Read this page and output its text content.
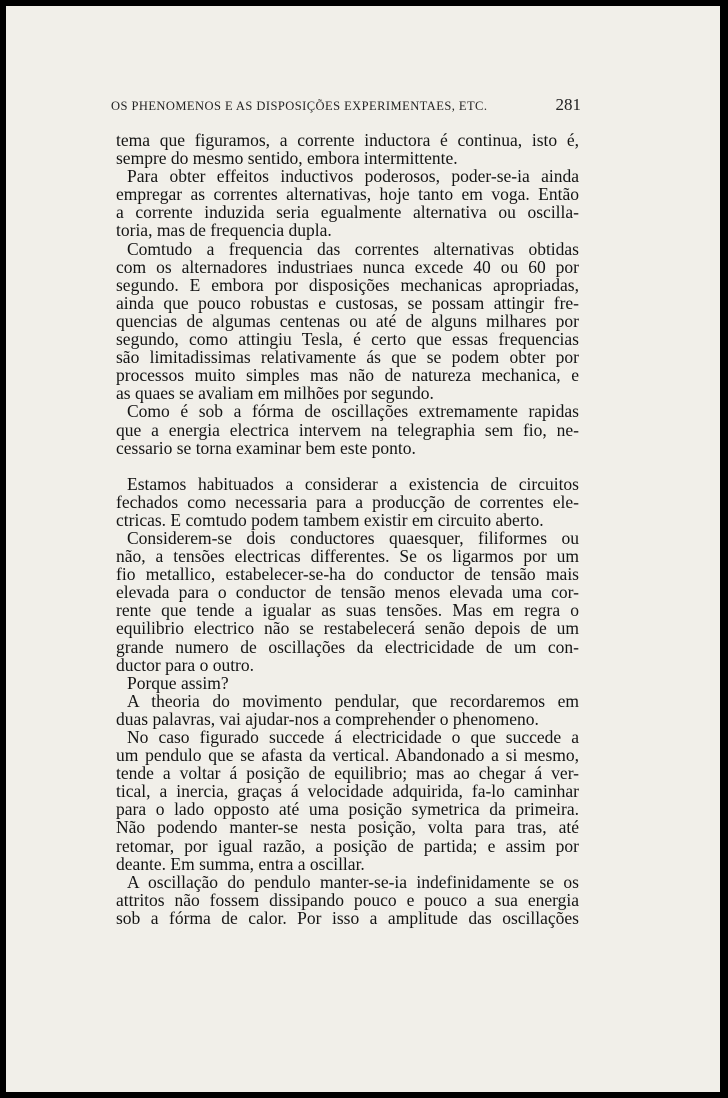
OS PHENOMENOS E AS DISPOSIÇÕES EXPERIMENTAES, ETC.	281

tema que figuramos, a corrente inductora é continua, isto é,
sempre do mesmo sentido, embora intermittente.

Para obter effeitos inductivos poderosos, poder-se-ia ainda
empregar as correntes alternativas, hoje tanto em voga. Então
a corrente induzida seria egualmente alternativa ou oscilla-
toria, mas de frequencia dupla.

Comtudo a frequencia das correntes alternativas obtidas
com os alternadores industriaes nunca excede 40 ou 60 por
segundo. E embora por disposições mechanicas apropriadas,
ainda que pouco robustas e custosas, se possam attingir fre-
quencias de algumas centenas ou até de alguns milhares por
segundo, como attingiu Tesla, é certo que essas frequencias
são limitadissimas relativamente ás que se podem obter por
processos muito simples mas não de natureza mechanica, e
as quaes se avaliam em milhões por segundo.

Como é sob a fórma de oscillações extremamente rapidas
que a energia electrica intervem na telegraphia sem fio, ne-
cessario se torna examinar bem este ponto.

Estamos habituados a considerar a existencia de circuitos
fechados como necessaria para a producção de correntes ele-
ctricas. E comtudo podem tambem existir em circuito aberto.

Considerem-se dois conductores quaesquer, filiformes ou
não, a tensões electricas differentes. Se os ligarmos por um
fio metallico, estabelecer-se-ha do conductor de tensão mais
elevada para o conductor de tensão menos elevada uma cor-
rente que tende a igualar as suas tensões. Mas em regra o
equilibrio electrico não se restabelecerá senão depois de um
grande numero de oscillações da electricidade de um con-
ductor para o outro.

Porque assim?

A theoria do movimento pendular, que recordaremos em
duas palavras, vai ajudar-nos a comprehender o phenomeno.

No caso figurado succede á electricidade o que succede a
um pendulo que se afasta da vertical. Abandonado a si mesmo,
tende a voltar á posição de equilibrio; mas ao chegar á ver-
tical, a inercia, graças á velocidade adquirida, fa-lo caminhar
para o lado opposto até uma posição symetrica da primeira.
Não podendo manter-se nesta posição, volta para tras, até
retomar, por igual razão, a posição de partida; e assim por
deante. Em summa, entra a oscillar.

A oscillação do pendulo manter-se-ia indefinidamente se os
attritos não fossem dissipando pouco e pouco a sua energia
sob a fórma de calor. Por isso a amplitude das oscillações
